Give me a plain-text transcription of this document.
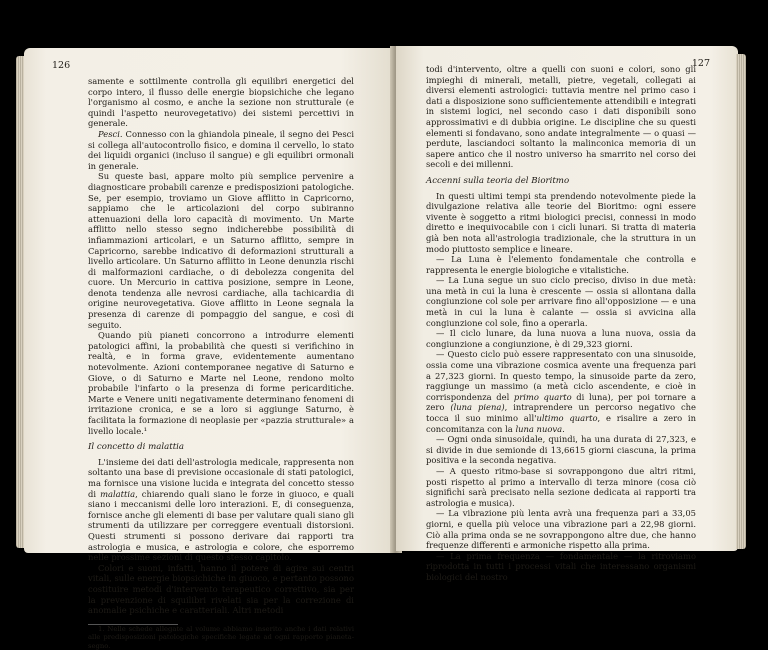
126

samente e sottilmente controlla gli equilibri energetici del corpo intero, il flusso delle energie biopsichiche che legano l'organismo al cosmo, e anche la sezione non strutturale (e quindi l'aspetto neurovegetativo) dei sistemi percettivi in generale.

Pesci. Connesso con la ghiandola pineale, il segno dei Pesci si collega all'autocontrollo fisico, e domina il cervello, lo stato dei liquidi organici (incluso il sangue) e gli equilibri ormonali in generale.

Su queste basi, appare molto più semplice pervenire a diagnosticare probabili carenze e predisposizioni patologiche. Se, per esempio, troviamo un Giove afflitto in Capricorno, sappiamo che le articolazioni del corpo subiranno attenuazioni della loro capacità di movimento. Un Marte afflitto nello stesso segno indicherebbe possibilità di infiammazioni articolari, e un Saturno afflitto, sempre in Capricorno, sarebbe indicativo di deformazioni strutturali a livello articolare. Un Saturno afflitto in Leone denunzia rischi di malformazioni cardiache, o di debolezza congenita del cuore. Un Mercurio in cattiva posizione, sempre in Leone, denota tendenza alle nevrosi cardiache, alla tachicardia di origine neurovegetativa. Giove afflitto in Leone segnala la presenza di carenze di pompaggio del sangue, e così di seguito.

Quando più pianeti concorrono a introdurre elementi patologici affini, la probabilità che questi si verifichino in realtà, e in forma grave, evidentemente aumentano notevolmente. Azioni contemporanee negative di Saturno e Giove, o di Saturno e Marte nel Leone, rendono molto probabile l'infarto o la presenza di forme pericarditiche. Marte e Venere uniti negativamente determinano fenomeni di irritazione cronica, e se a loro si aggiunge Saturno, è facilitata la formazione di neoplasie per «pazzia strutturale» a livello locale.¹

Il concetto di malattia

L'insieme dei dati dell'astrologia medicale, rappresenta non soltanto una base di previsione occasionale di stati patologici, ma fornisce una visione lucida e integrata del concetto stesso di malattia, chiarendo quali siano le forze in giuoco, e quali siano i meccanismi delle loro interazioni. E, di conseguenza, fornisce anche gli elementi di base per valutare quali siano gli strumenti da utilizzare per correggere eventuali distorsioni. Questi strumenti si possono derivare dai rapporti tra astrologia e musica, e astrologia e colore, che esporremo nelle prossime sezioni di questo stesso capitolo.

Colori e suoni, infatti, hanno il potere di agire sui centri vitali, sulle energie biopsichiche in giuoco, e pertanto possono costituire metodi d'intervento terapeutico correttivo, sia per la prevenzione di squilibri rivelati sia per la correzione di anomalie psichiche e caratteriali. Altri metodi

1. Nelle schede allegate al volume abbiamo inserito anche i dati relativi alle predisposizioni patologiche specifiche legate ad ogni rapporto pianeta-segno.

127

todi d'intervento, oltre a quelli con suoni e colori, sono gli impieghi di minerali, metalli, pietre, vegetali, collegati ai diversi elementi astrologici: tuttavia mentre nel primo caso i dati a disposizione sono sufficientemente attendibili e integrati in sistemi logici, nel secondo caso i dati disponibili sono approssimativi e di dubbia origine. Le discipline che su questi elementi si fondavano, sono andate integralmente — o quasi — perdute, lasciandoci soltanto la malinconica memoria di un sapere antico che il nostro universo ha smarrito nel corso dei secoli e dei millenni.

Accenni sulla teoria del Bioritmo

In questi ultimi tempi sta prendendo notevolmente piede la divulgazione relativa alle teorie del Bioritmo: ogni essere vivente è soggetto a ritmi biologici precisi, connessi in modo diretto e inequivocabile con i cicli lunari. Si tratta di materia già ben nota all'astrologia tradizionale, che la struttura in un modo piuttosto semplice e lineare.

— La Luna è l'elemento fondamentale che controlla e rappresenta le energie biologiche e vitalistiche.

— La Luna segue un suo ciclo preciso, diviso in due metà: una metà in cui la luna è crescente — ossia si allontana dalla congiunzione col sole per arrivare fino all'opposizione — e una metà in cui la luna è calante — ossia si avvicina alla congiunzione col sole, fino a operarla.

— Il ciclo lunare, da luna nuova a luna nuova, ossia da congiunzione a congiunzione, è di 29,323 giorni.

— Questo ciclo può essere rappresentato con una sinusoide, ossia come una vibrazione cosmica avente una frequenza pari a 27,323 giorni. In questo tempo, la sinusoide parte da zero, raggiunge un massimo (a metà ciclo ascendente, e cioè in corrispondenza del primo quarto di luna), per poi tornare a zero (luna piena), intraprendere un percorso negativo che tocca il suo minimo all'ultimo quarto, e risalire a zero in concomitanza con la luna nuova.

— Ogni onda sinusoidale, quindi, ha una durata di 27,323, e si divide in due semionde di 13,6615 giorni ciascuna, la prima positiva e la seconda negativa.

— A questo ritmo-base si sovrappongono due altri ritmi, posti rispetto al primo a intervallo di terza minore (cosa ciò significhi sarà precisato nella sezione dedicata ai rapporti tra astrologia e musica).

— La vibrazione più lenta avrà una frequenza pari a 33,05 giorni, e quella più veloce una vibrazione pari a 22,98 giorni. Ciò alla prima onda se ne sovrappongono altre due, che hanno frequenze differenti e armoniche rispetto alla prima.

— La prima frequenza — fondamentale — la ritroviamo riprodotta in tutti i processi vitali che interessano organismi biologici del nostro
